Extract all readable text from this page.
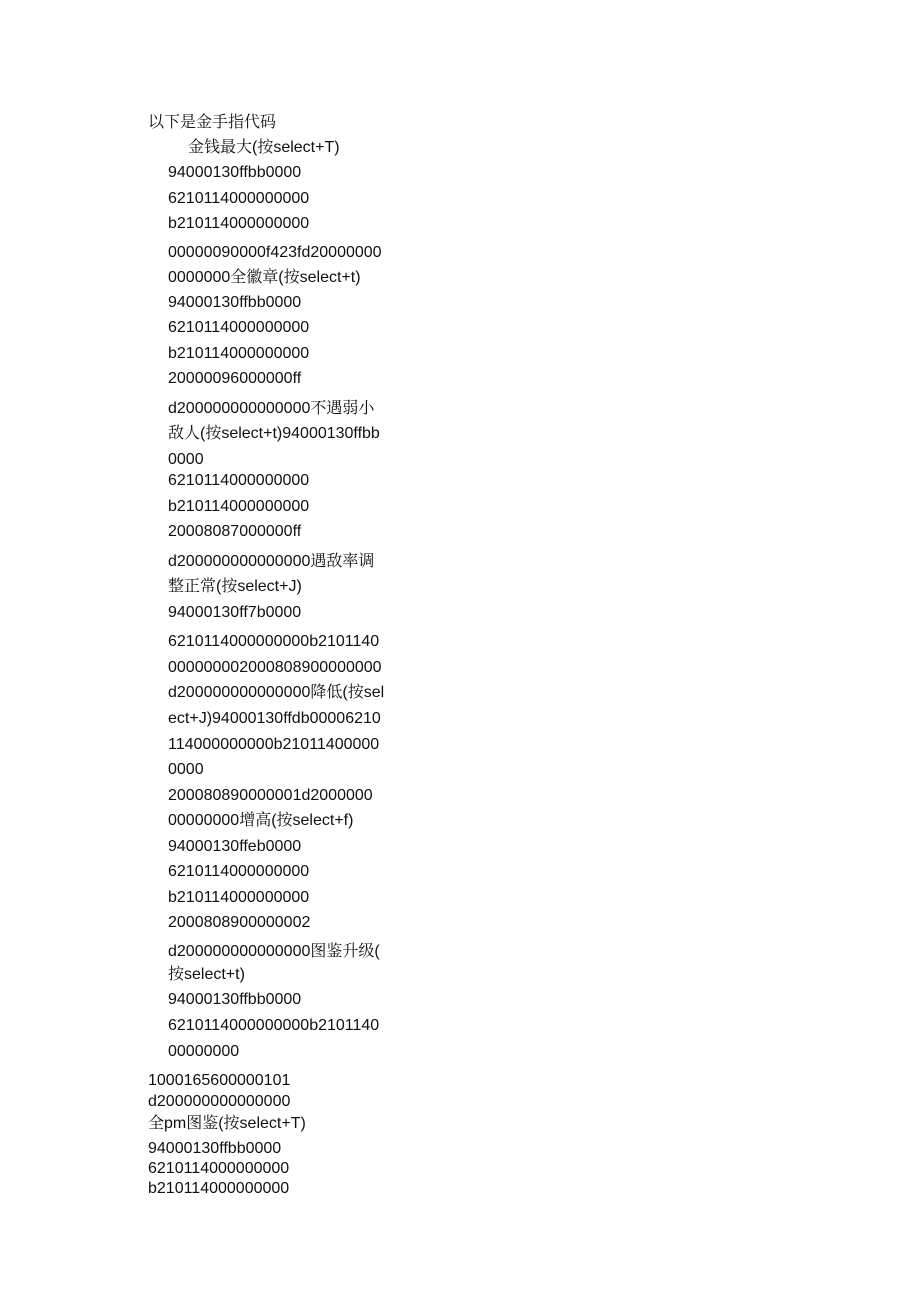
以下是金手指代码
金钱最大(按select+T)
94000130ffbb0000
6210114000000000
b210114000000000
00000090000f423fd20000000
0000000全徽章(按select+t)
94000130ffbb0000
6210114000000000
b210114000000000
20000096000000ff
d200000000000000不遇弱小
敌人(按select+t)94000130ffbb
0000
6210114000000000
b210114000000000
20008087000000ff
d200000000000000遇敌率调
整正常(按select+J)
94000130ff7b0000
6210114000000000b2101140
000000002000808900000000
d200000000000000降低(按sel
ect+J)94000130ffdb00006210
114000000000b21011400000
0000
200080890000001d2000000
00000000增高(按select+f)
94000130ffeb0000
6210114000000000
b210114000000000
2000808900000002
d200000000000000图鉴升级(
按select+t)
94000130ffbb0000
6210114000000000b2101140
00000000
1000165600000101
d200000000000000
全pm图鉴(按select+T)
94000130ffbb0000
6210114000000000
b210114000000000
